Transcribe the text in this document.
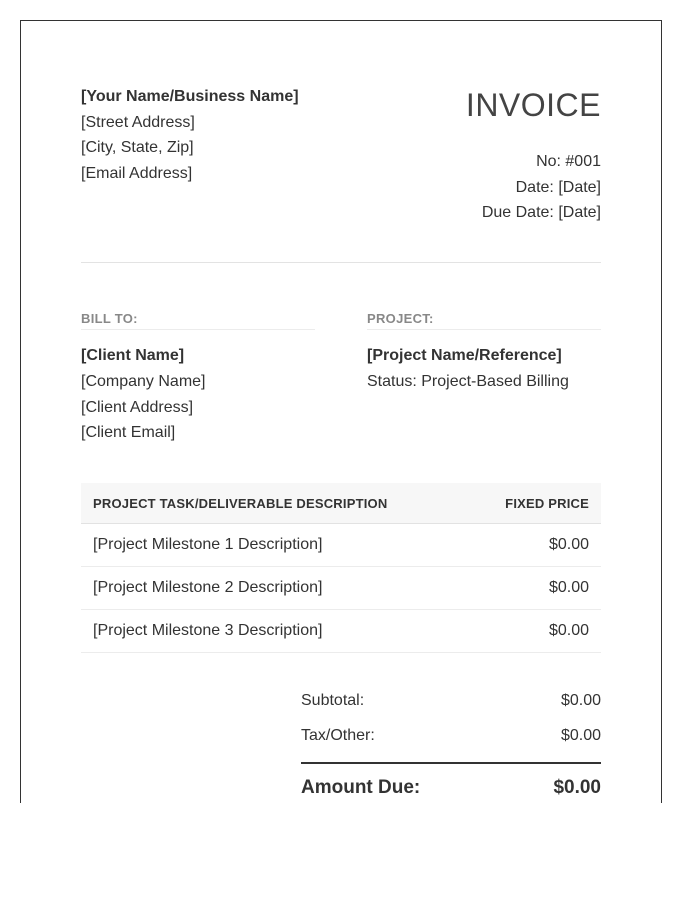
[Your Name/Business Name]
[Street Address]
[City, State, Zip]
[Email Address]
INVOICE
No: #001
Date: [Date]
Due Date: [Date]
BILL TO:
[Client Name]
[Company Name]
[Client Address]
[Client Email]
PROJECT:
[Project Name/Reference]
Status: Project-Based Billing
PROJECT TASK/DELIVERABLE DESCRIPTION	FIXED PRICE
[Project Milestone 1 Description]	$0.00
[Project Milestone 2 Description]	$0.00
[Project Milestone 3 Description]	$0.00
Subtotal:	$0.00
Tax/Other:	$0.00
Amount Due:	$0.00
